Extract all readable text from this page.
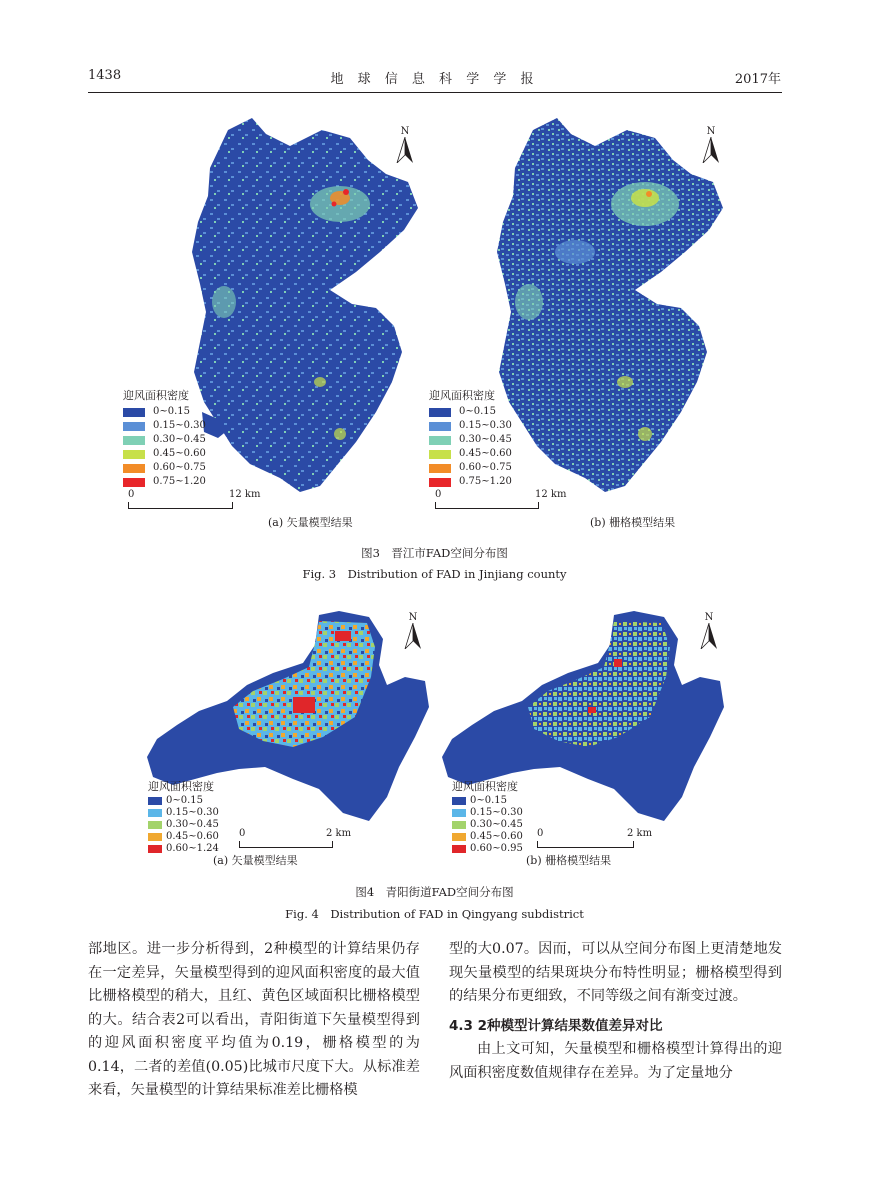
1438	地 球 信 息 科 学 学 报	2017年
N
迎风面积密度
0~0.15
0.15~0.30
0.30~0.45
0.45~0.60
0.60~0.75
0.75~1.20
0	12 km
(a) 矢量模型结果
N
迎风面积密度
0~0.15
0.15~0.30
0.30~0.45
0.45~0.60
0.60~0.75
0.75~1.20
0	12 km
(b) 栅格模型结果
图3　晋江市FAD空间分布图
Fig. 3　Distribution of FAD in Jinjiang county
N
迎风面积密度
0~0.15
0.15~0.30
0.30~0.45
0.45~0.60
0.60~1.24
0	2 km
(a) 矢量模型结果
N
迎风面积密度
0~0.15
0.15~0.30
0.30~0.45
0.45~0.60
0.60~0.95
0	2 km
(b) 栅格模型结果
图4　青阳街道FAD空间分布图
Fig. 4　Distribution of FAD in Qingyang subdistrict

部地区。进一步分析得到，2种模型的计算结果仍存在一定差异，矢量模型得到的迎风面积密度的最大值比栅格模型的稍大，且红、黄色区域面积比栅格模型的大。结合表2可以看出，青阳街道下矢量模型得到的迎风面积密度平均值为0.19，栅格模型的为0.14，二者的差值(0.05)比城市尺度下大。从标准差来看，矢量模型的计算结果标准差比栅格模

型的大0.07。因而，可以从空间分布图上更清楚地发现矢量模型的结果斑块分布特性明显；栅格模型得到的结果分布更细致，不同等级之间有渐变过渡。

4.3 2种模型计算结果数值差异对比

由上文可知，矢量模型和栅格模型计算得出的迎风面积密度数值规律存在差异。为了定量地分
